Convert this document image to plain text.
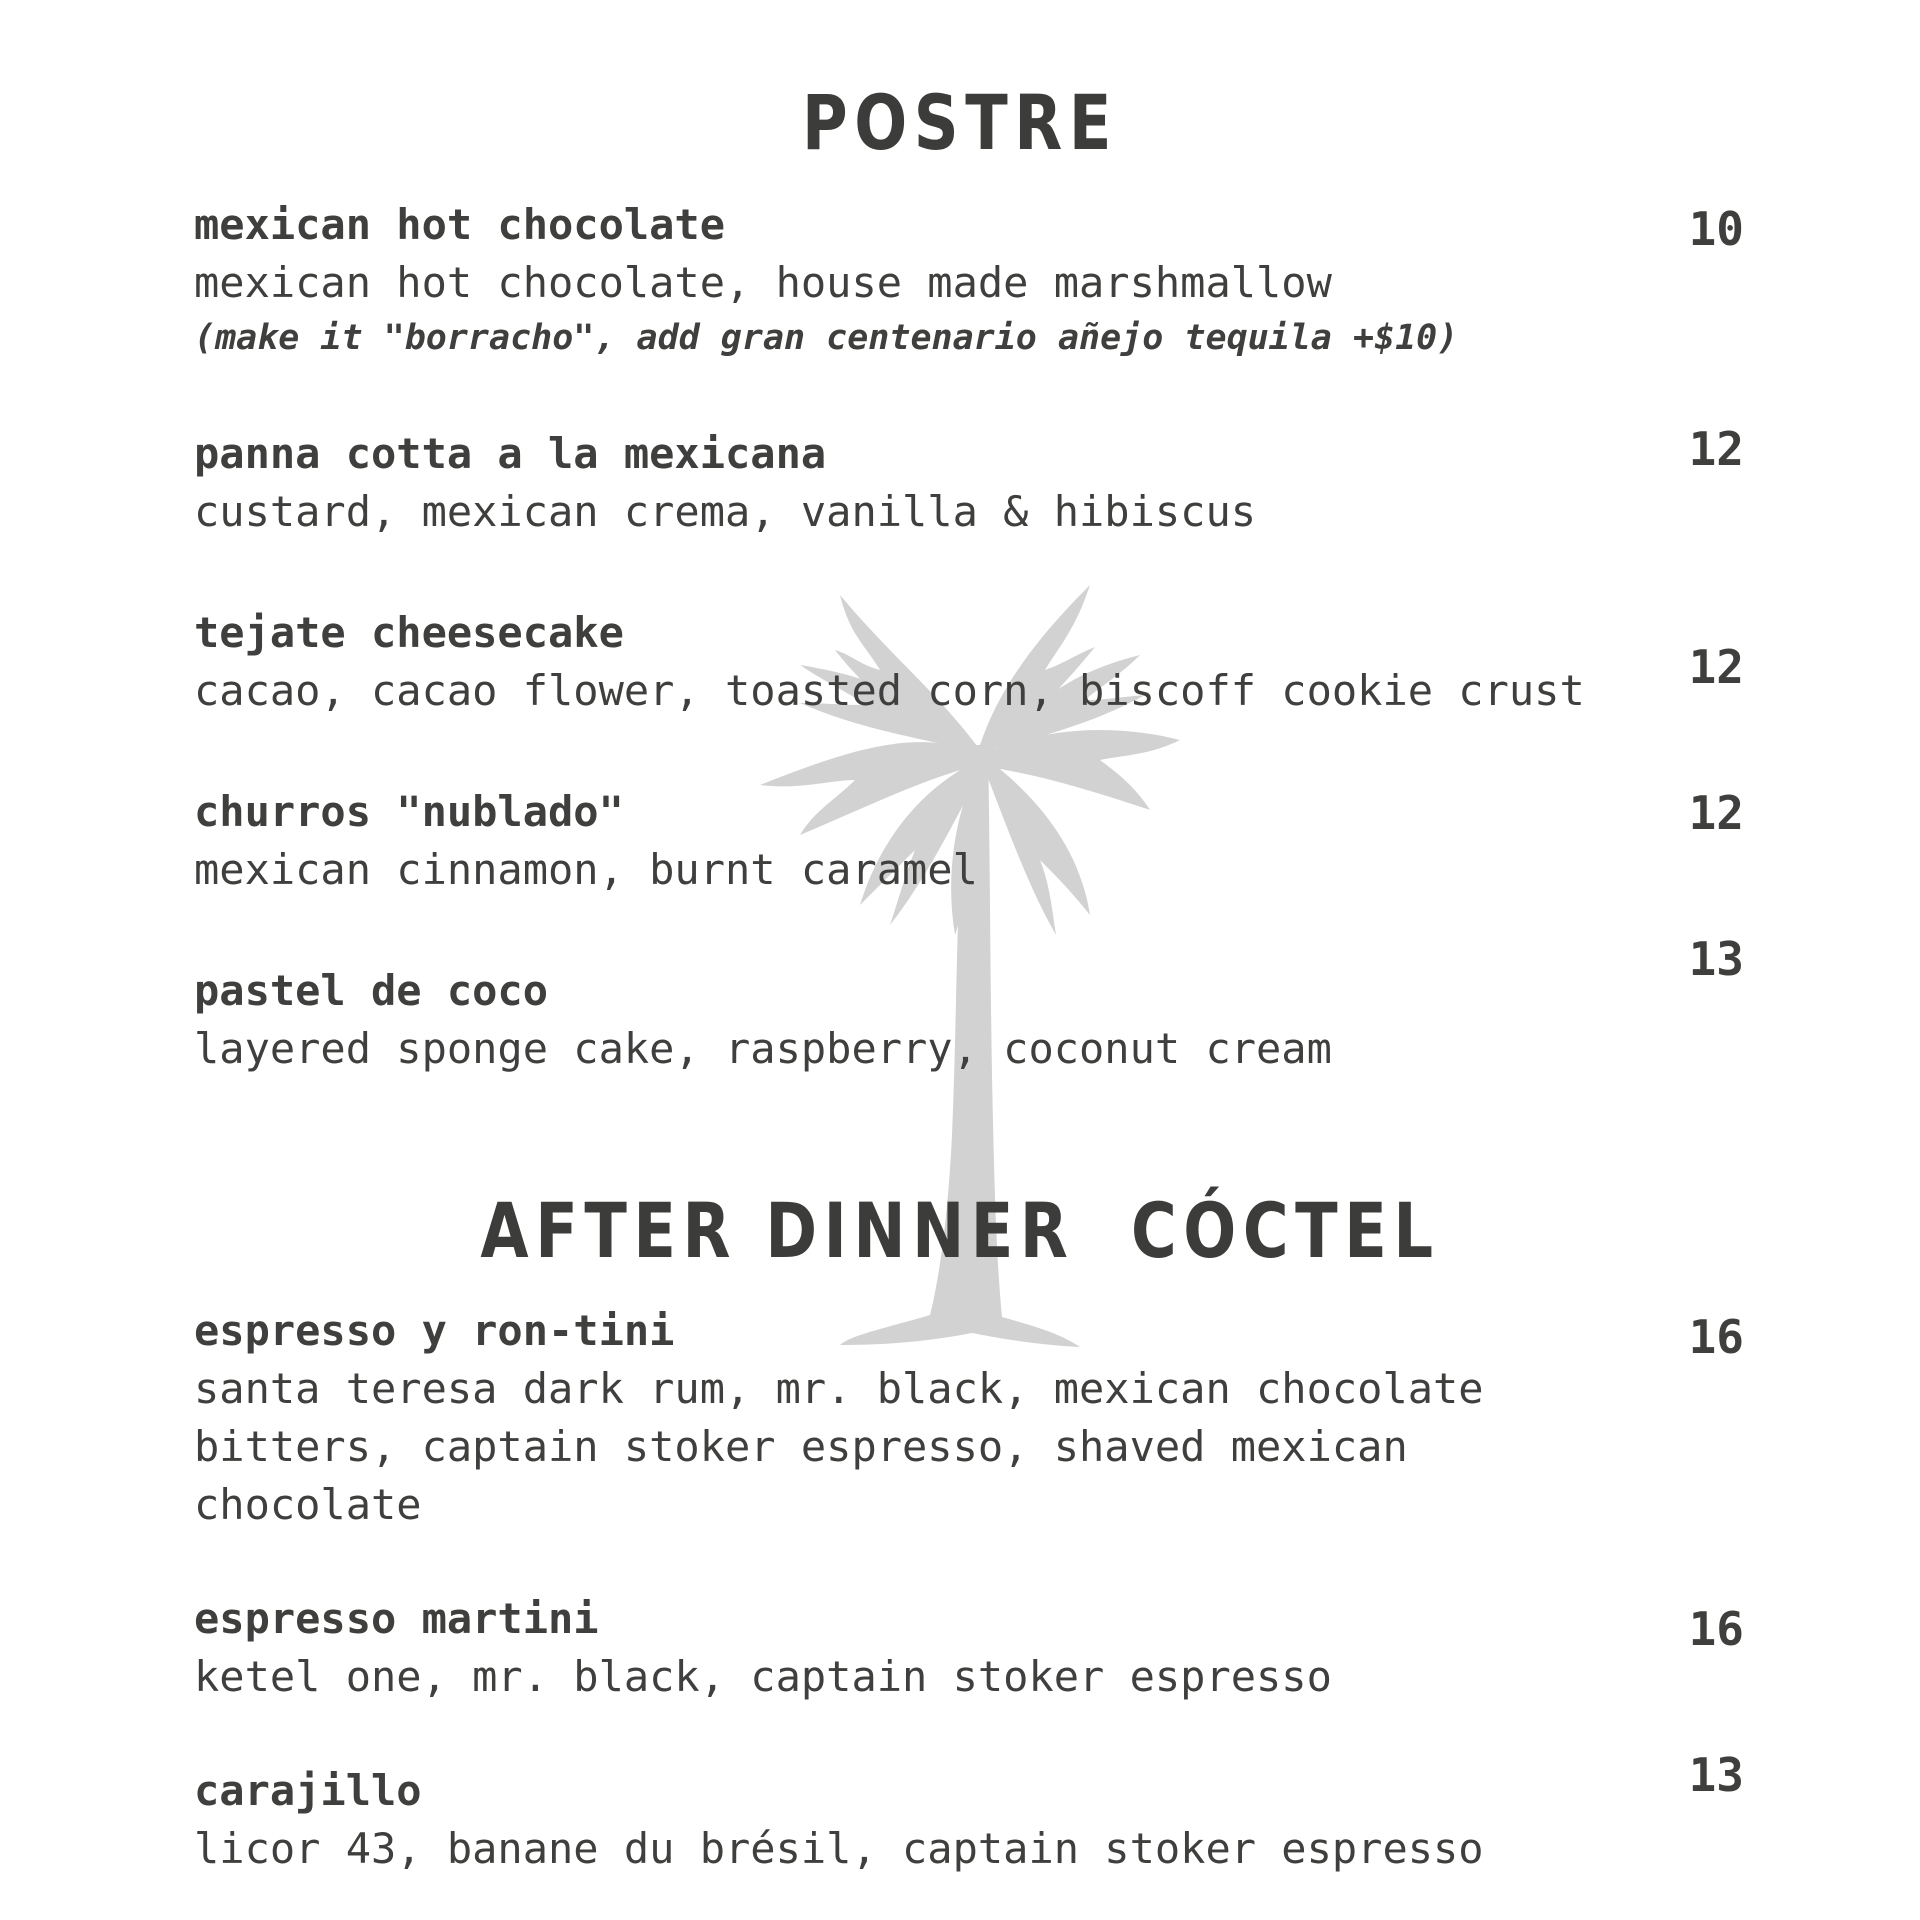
POSTRE
mexican hot chocolate
mexican hot chocolate, house made marshmallow
(make it "borracho", add gran centenario añejo tequila +$10)
10
panna cotta a la mexicana
custard, mexican crema, vanilla & hibiscus
12
tejate cheesecake
cacao, cacao flower, toasted corn, biscoff cookie crust	12
churros "nublado"
mexican cinnamon, burnt caramel
12
pastel de coco
layered sponge cake, raspberry, coconut cream
13
AFTER DINNER  CÓCTEL
espresso y ron-tini
santa teresa dark rum, mr. black, mexican chocolate bitters, captain stoker espresso, shaved mexican chocolate
16
espresso martini
ketel one, mr. black, captain stoker espresso
16
carajillo
licor 43, banane du brésil, captain stoker espresso
13
